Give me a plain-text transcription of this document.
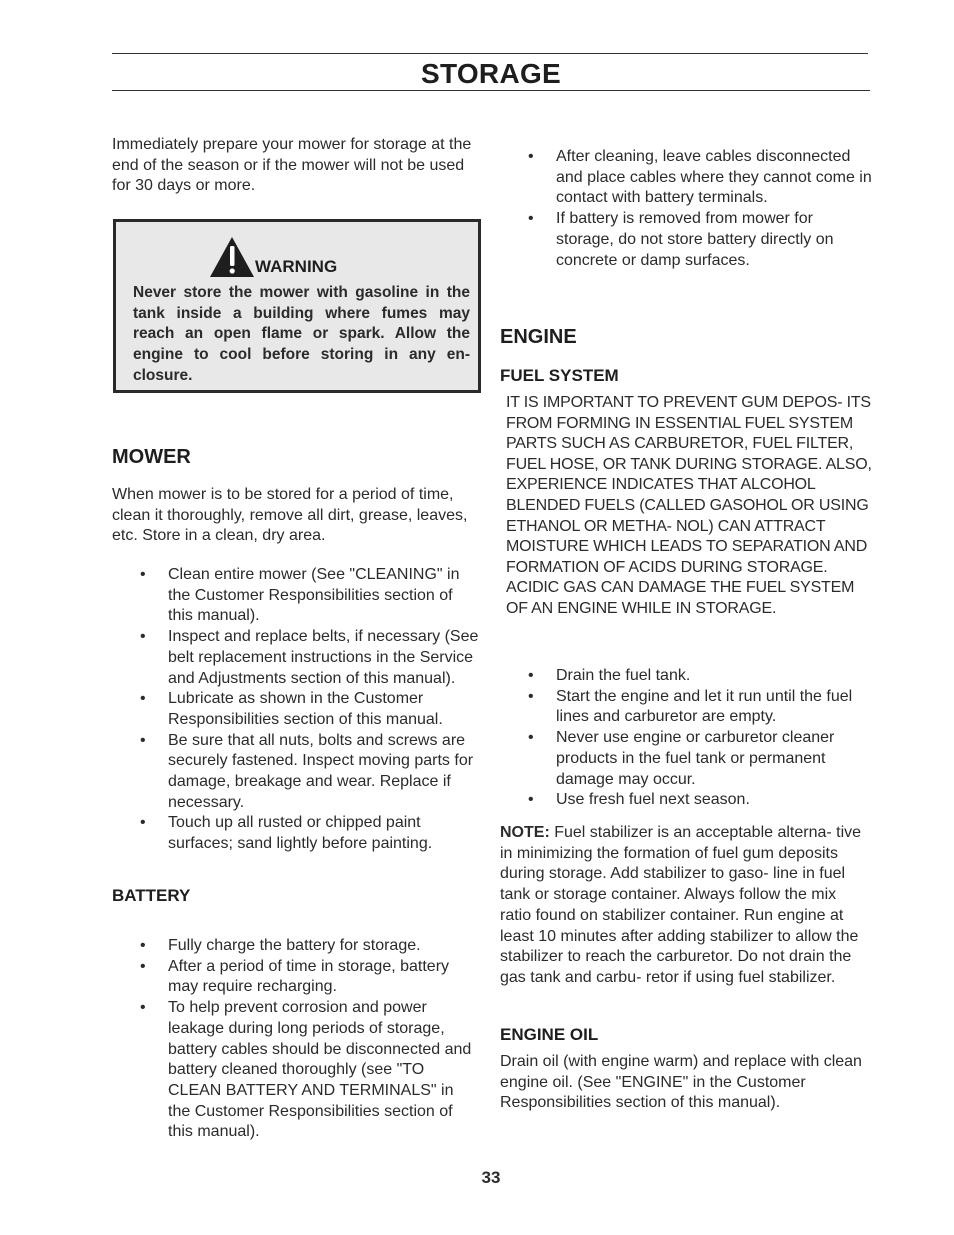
STORAGE
Immediately prepare your mower for storage at the end of the season or if the mower will not be used for 30 days or more.
WARNING
Never store the mower with gasoline in the tank inside a building where fumes may reach an open flame or spark. Allow the engine to cool before storing in any en- closure.
MOWER
When mower is to be stored for a period of time, clean it thoroughly, remove all dirt, grease, leaves, etc. Store in a clean, dry area.
• Clean entire mower (See "CLEANING" in the Customer Responsibilities section of this manual).
• Inspect and replace belts, if necessary (See belt replacement instructions in the Service and Adjustments section of this manual).
• Lubricate as shown in the Customer Responsibilities section of this manual.
• Be sure that all nuts, bolts and screws are securely fastened. Inspect moving parts for damage, breakage and wear. Replace if necessary.
• Touch up all rusted or chipped paint surfaces; sand lightly before painting.
BATTERY
• Fully charge the battery for storage.
• After a period of time in storage, battery may require recharging.
• To help prevent corrosion and power leakage during long periods of storage, battery cables should be disconnected and battery cleaned thoroughly (see "TO CLEAN BATTERY AND TERMINALS" in the Customer Responsibilities section of this manual).
• After cleaning, leave cables disconnected and place cables where they cannot come in contact with battery terminals.
• If battery is removed from mower for storage, do not store battery directly on concrete or damp surfaces.
ENGINE
FUEL SYSTEM
IT IS IMPORTANT TO PREVENT GUM DEPOS- ITS FROM FORMING IN ESSENTIAL FUEL SYSTEM PARTS SUCH AS CARBURETOR, FUEL FILTER, FUEL HOSE, OR TANK DURING STORAGE. ALSO, EXPERIENCE INDICATES THAT ALCOHOL BLENDED FUELS (CALLED GASOHOL OR USING ETHANOL OR METHA- NOL) CAN ATTRACT MOISTURE WHICH LEADS TO SEPARATION AND FORMATION OF ACIDS DURING STORAGE. ACIDIC GAS CAN DAMAGE THE FUEL SYSTEM OF AN ENGINE WHILE IN STORAGE.
• Drain the fuel tank.
• Start the engine and let it run until the fuel lines and carburetor are empty.
• Never use engine or carburetor cleaner products in the fuel tank or permanent damage may occur.
• Use fresh fuel next season.
NOTE: Fuel stabilizer is an acceptable alterna- tive in minimizing the formation of fuel gum deposits during storage. Add stabilizer to gaso- line in fuel tank or storage container. Always follow the mix ratio found on stabilizer container. Run engine at least 10 minutes after adding stabilizer to allow the stabilizer to reach the carburetor. Do not drain the gas tank and carbu- retor if using fuel stabilizer.
ENGINE OIL
Drain oil (with engine warm) and replace with clean engine oil. (See "ENGINE" in the Customer Responsibilities section of this manual).
33
